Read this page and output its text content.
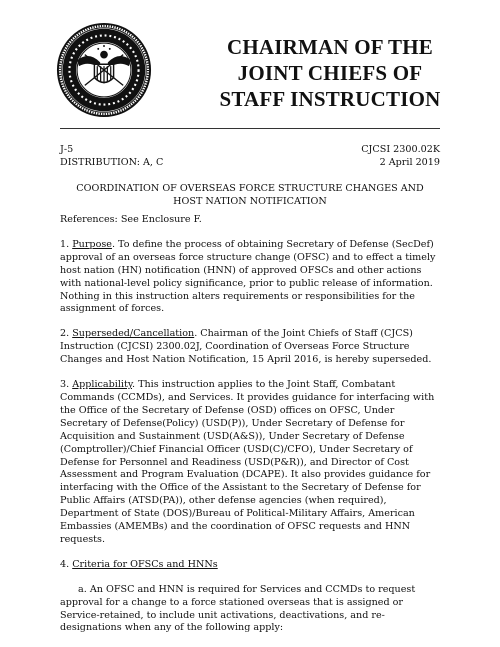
CHAIRMAN OF THE
JOINT CHIEFS OF
STAFF INSTRUCTION
J-5
DISTRIBUTION: A, C
CJCSI 2300.02K
2 April 2019
COORDINATION OF OVERSEAS FORCE STRUCTURE CHANGES AND
HOST NATION NOTIFICATION

References: See Enclosure F.

1. Purpose. To define the process of obtaining Secretary of Defense (SecDef) approval of an overseas force structure change (OFSC) and to effect a timely host nation (HN) notification (HNN) of approved OFSCs and other actions with national-level policy significance, prior to public release of information. Nothing in this instruction alters requirements or responsibilities for the assignment of forces.

2. Superseded/Cancellation. Chairman of the Joint Chiefs of Staff (CJCS) Instruction (CJCSI) 2300.02J, Coordination of Overseas Force Structure Changes and Host Nation Notification, 15 April 2016, is hereby superseded.

3. Applicability. This instruction applies to the Joint Staff, Combatant Commands (CCMDs), and Services. It provides guidance for interfacing with the Office of the Secretary of Defense (OSD) offices on OFSC, Under Secretary of Defense(Policy) (USD(P)), Under Secretary of Defense for Acquisition and Sustainment (USD(A&S)), Under Secretary of Defense (Comptroller)/Chief Financial Officer (USD(C)/CFO), Under Secretary of Defense for Personnel and Readiness (USD(P&R)), and Director of Cost Assessment and Program Evaluation (DCAPE). It also provides guidance for interfacing with the Office of the Assistant to the Secretary of Defense for Public Affairs (ATSD(PA)), other defense agencies (when required), Department of State (DOS)/Bureau of Political-Military Affairs, American Embassies (AMEMBs) and the coordination of OFSC requests and HNN requests.

4. Criteria for OFSCs and HNNs

a. An OFSC and HNN is required for Services and CCMDs to request approval for a change to a force stationed overseas that is assigned or Service-retained, to include unit activations, deactivations, and re-designations when any of the following apply:
